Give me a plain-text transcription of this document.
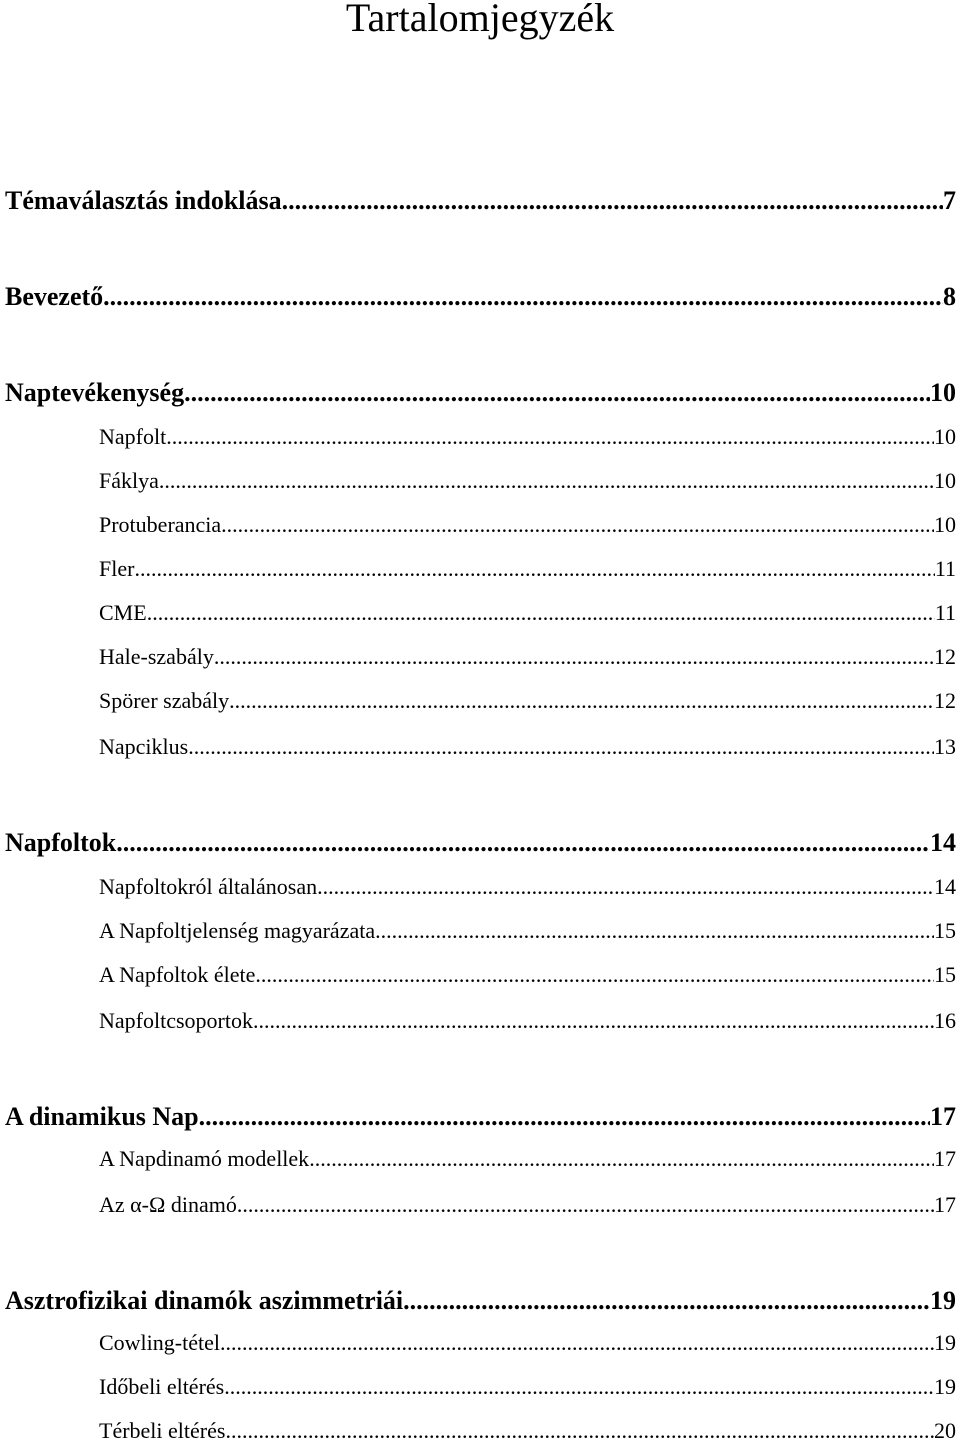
Tartalomjegyzék
Témaválasztás indoklása .....	7
Bevezető .....	8
Naptevékenység .....	10
Napfolt .....	10
Fáklya .....	10
Protuberancia .....	10
Fler .....	11
CME .....	11
Hale-szabály .....	12
Spörer szabály .....	12
Napciklus .....	13
Napfoltok .....	14
Napfoltokról általánosan .....	14
A Napfoltjelenség magyarázata .....	15
A Napfoltok élete .....	15
Napfoltcsoportok .....	16
A dinamikus Nap .....	17
A Napdinamó modellek .....	17
Az α-Ω dinamó .....	17
Asztrofizikai dinamók aszimmetriái .....	19
Cowling-tétel .....	19
Időbeli eltérés .....	19
Térbeli eltérés .....	20
